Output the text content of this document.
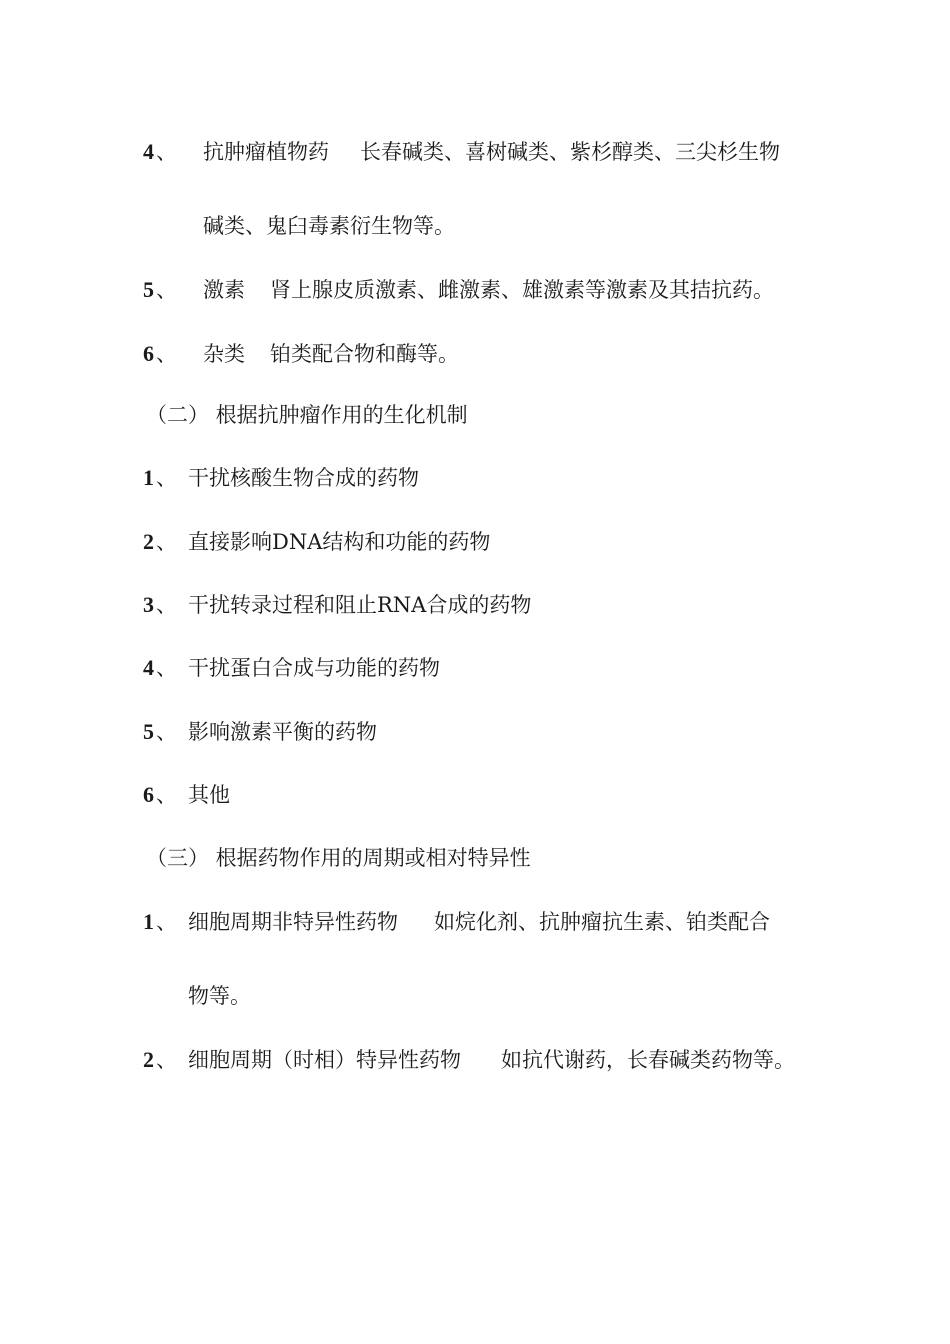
4 、 抗肿瘤植物药 长春碱类、喜树碱类、紫杉醇类、三尖杉生物
碱类、鬼臼毒素衍生物等。
5 、 激素 肾上腺皮质激素、雌激素、雄激素等激素及其拮抗药。
6 、 杂类 铂类配合物和酶等。
（二） 根据抗肿瘤作用的生化机制
1 、 干扰核酸生物合成的药物
2 、 直接影响DNA结构和功能的药物
3 、 干扰转录过程和阻止RNA合成的药物
4 、 干扰蛋白合成与功能的药物
5 、 影响激素平衡的药物
6 、 其他
（三） 根据药物作用的周期或相对特异性
1 、 细胞周期非特异性药物 如烷化剂、抗肿瘤抗生素、铂类配合
物等。
2 、 细胞周期（时相）特异性药物 如抗代谢药，长春碱类药物等。
